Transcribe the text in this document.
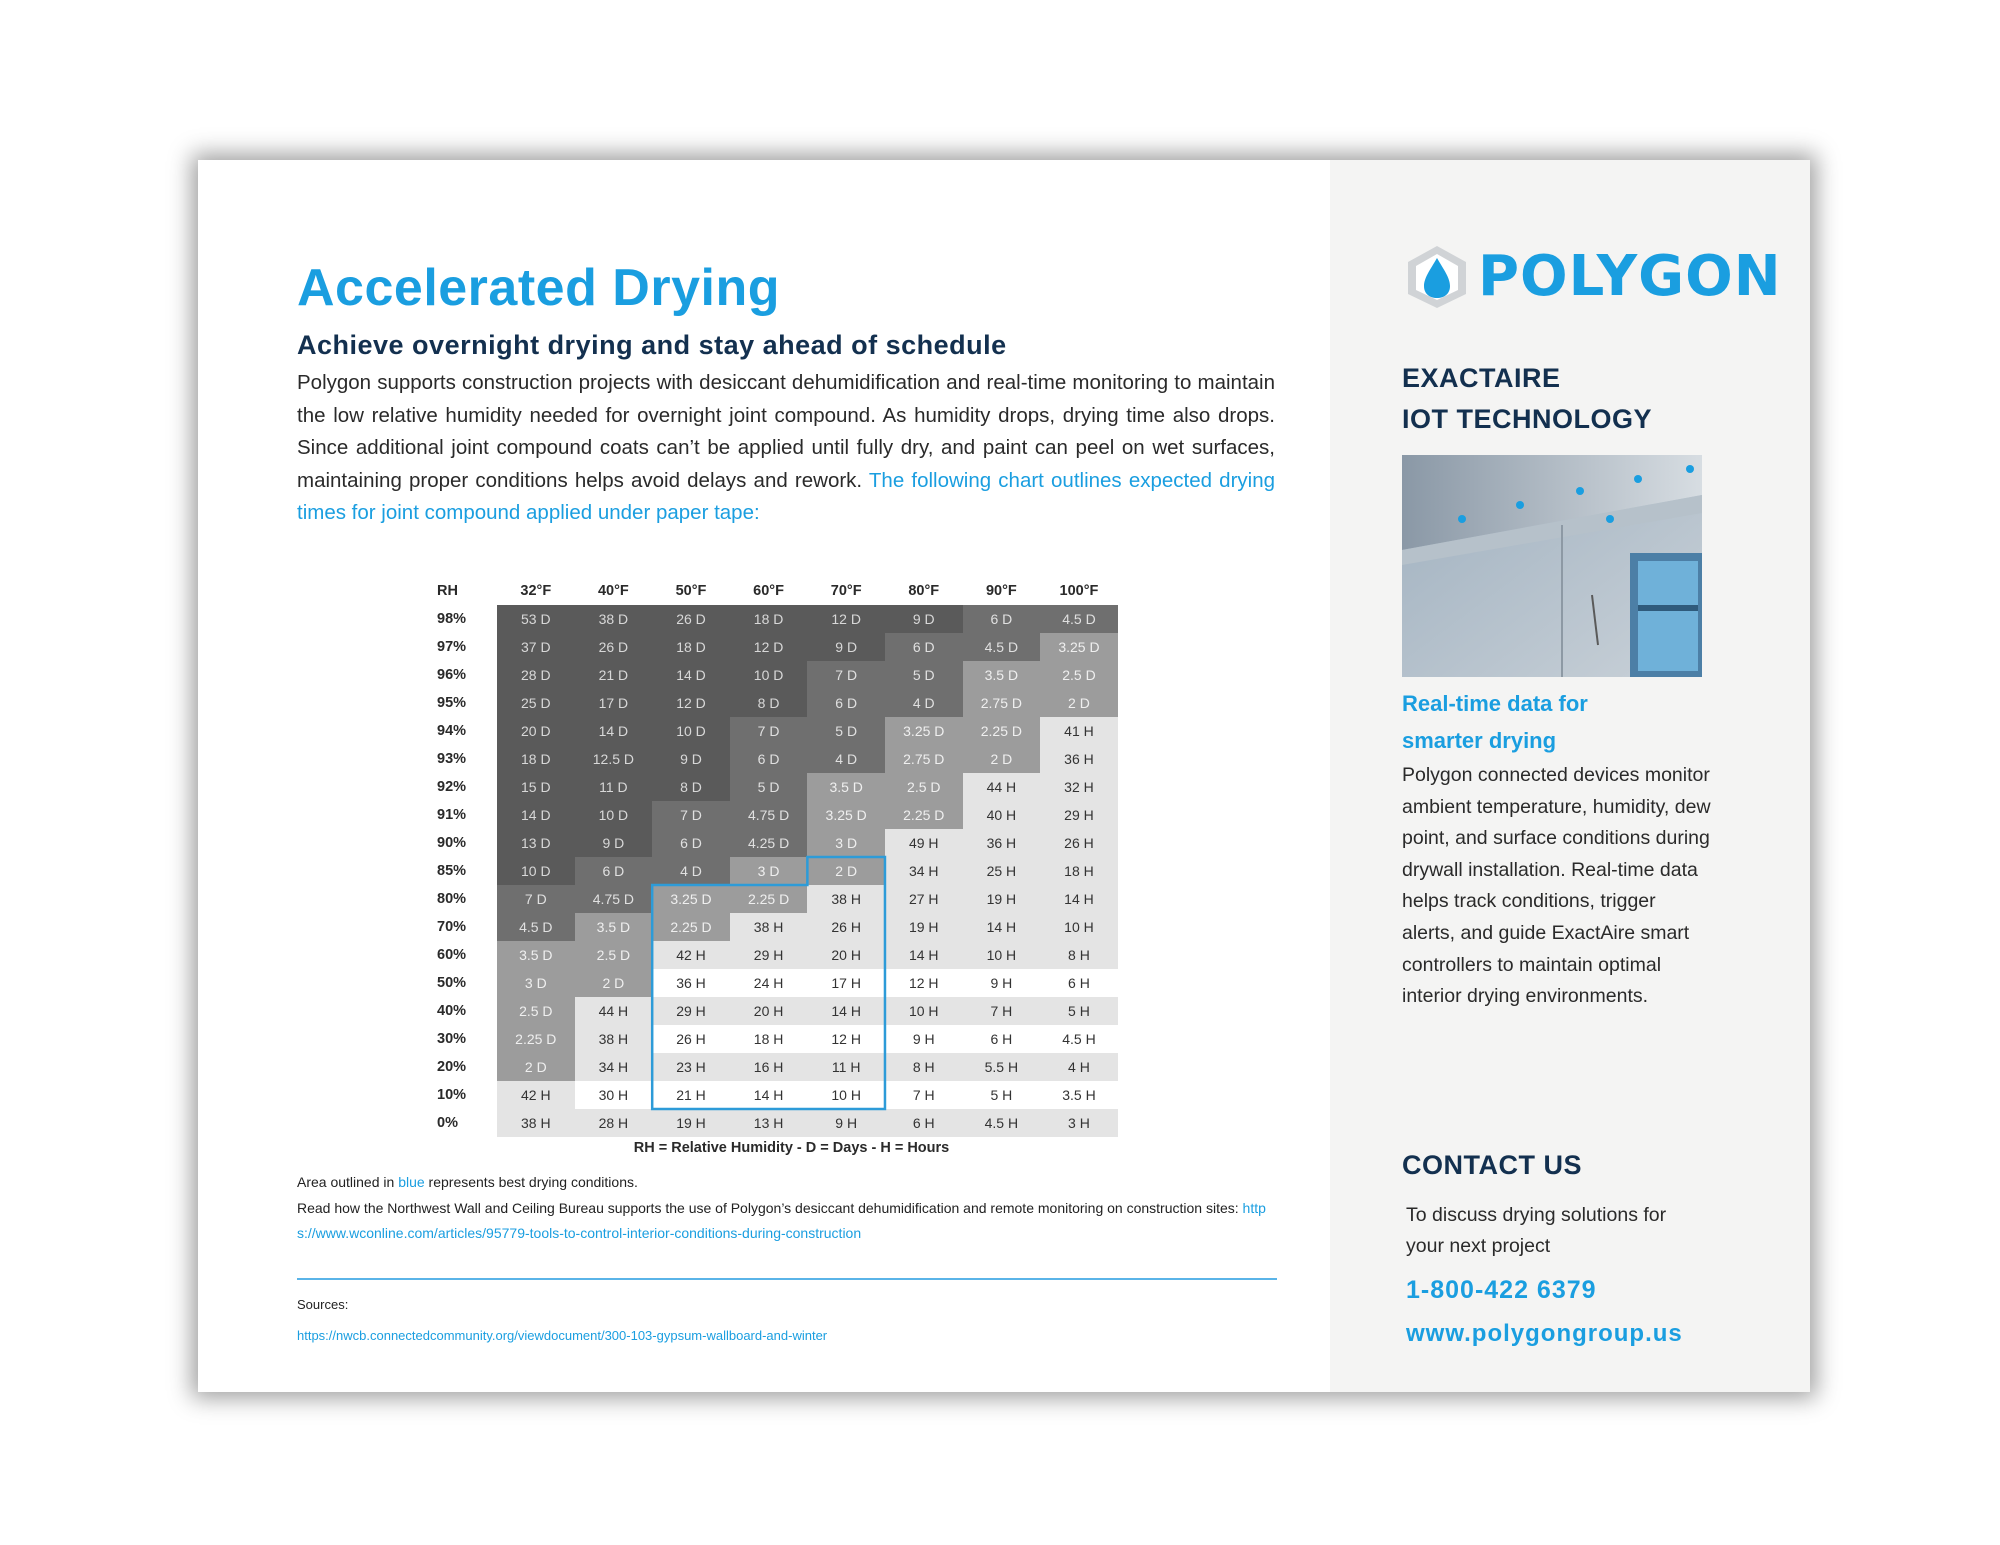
Accelerated Drying
Achieve overnight drying and stay ahead of schedule
Polygon supports construction projects with desiccant dehumidification and real-time monitoring to maintain the low relative humidity needed for overnight joint compound. As humidity drops, drying time also drops. Since additional joint compound coats can’t be applied until fully dry, and paint can peel on wet surfaces, maintaining proper conditions helps avoid delays and rework. The following chart outlines expected drying times for joint compound applied under paper tape:
RH	32°F	40°F	50°F	60°F	70°F	80°F	90°F	100°F
98%	53 D	38 D	26 D	18 D	12 D	9 D	6 D	4.5 D
97%	37 D	26 D	18 D	12 D	9 D	6 D	4.5 D	3.25 D
96%	28 D	21 D	14 D	10 D	7 D	5 D	3.5 D	2.5 D
95%	25 D	17 D	12 D	8 D	6 D	4 D	2.75 D	2 D
94%	20 D	14 D	10 D	7 D	5 D	3.25 D	2.25 D	41 H
93%	18 D	12.5 D	9 D	6 D	4 D	2.75 D	2 D	36 H
92%	15 D	11 D	8 D	5 D	3.5 D	2.5 D	44 H	32 H
91%	14 D	10 D	7 D	4.75 D	3.25 D	2.25 D	40 H	29 H
90%	13 D	9 D	6 D	4.25 D	3 D	49 H	36 H	26 H
85%	10 D	6 D	4 D	3 D	2 D	34 H	25 H	18 H
80%	7 D	4.75 D	3.25 D	2.25 D	38 H	27 H	19 H	14 H
70%	4.5 D	3.5 D	2.25 D	38 H	26 H	19 H	14 H	10 H
60%	3.5 D	2.5 D	42 H	29 H	20 H	14 H	10 H	8 H
50%	3 D	2 D	36 H	24 H	17 H	12 H	9 H	6 H
40%	2.5 D	44 H	29 H	20 H	14 H	10 H	7 H	5 H
30%	2.25 D	38 H	26 H	18 H	12 H	9 H	6 H	4.5 H
20%	2 D	34 H	23 H	16 H	11 H	8 H	5.5 H	4 H
10%	42 H	30 H	21 H	14 H	10 H	7 H	5 H	3.5 H
0%	38 H	28 H	19 H	13 H	9 H	6 H	4.5 H	3 H
RH = Relative Humidity - D = Days - H = Hours
Area outlined in blue represents best drying conditions.
Read how the Northwest Wall and Ceiling Bureau supports the use of Polygon’s desiccant dehumidification and remote monitoring on construction sites: https://www.wconline.com/articles/95779-tools-to-control-interior-conditions-during-construction
Sources:
https://nwcb.connectedcommunity.org/viewdocument/300-103-gypsum-wallboard-and-winter
POLYGON
EXACTAIRE
IOT TECHNOLOGY
Real-time data for
smarter drying
Polygon connected devices monitor ambient temperature, humidity, dew point, and surface conditions during drywall installation. Real-time data helps track conditions, trigger alerts, and guide ExactAire smart controllers to maintain optimal interior drying environments.
CONTACT US
To discuss drying solutions for your next project
1-800-422 6379
www.polygongroup.us
